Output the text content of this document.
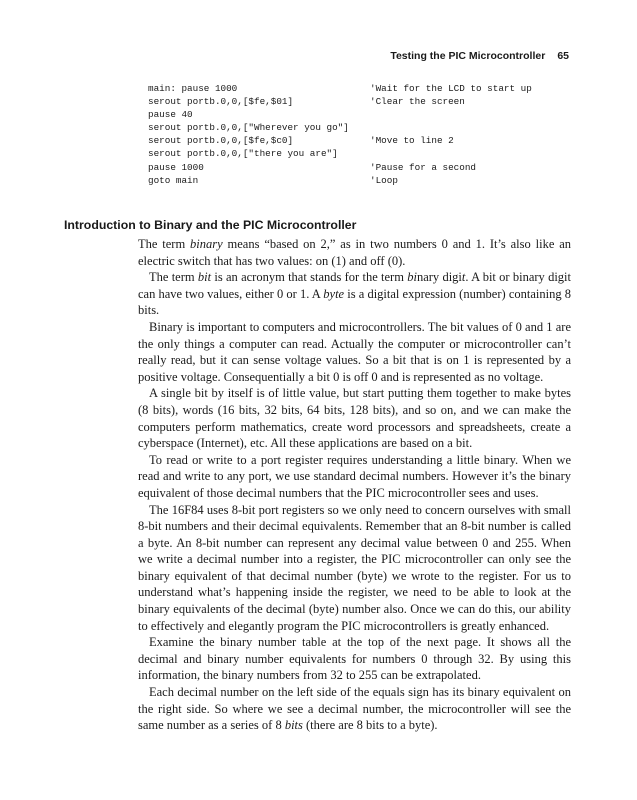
Testing the PIC Microcontroller 65
main: pause 1000	'Wait for the LCD to start up
serout portb.0,0,[$fe,$01]	'Clear the screen
pause 40
serout portb.0,0,["Wherever you go"]
serout portb.0,0,[$fe,$c0]	'Move to line 2
serout portb.0,0,["there you are"]
pause 1000	'Pause for a second
goto main	'Loop
Introduction to Binary and the PIC Microcontroller

The term binary means “based on 2,” as in two numbers 0 and 1. It’s also like an electric switch that has two values: on (1) and off (0).

The term bit is an acronym that stands for the term binary digit. A bit or binary digit can have two values, either 0 or 1. A byte is a digital expression (number) containing 8 bits.

Binary is important to computers and microcontrollers. The bit values of 0 and 1 are the only things a computer can read. Actually the computer or microcontroller can’t really read, but it can sense voltage values. So a bit that is on 1 is represented by a positive voltage. Consequentially a bit 0 is off 0 and is represented as no voltage.

A single bit by itself is of little value, but start putting them together to make bytes (8 bits), words (16 bits, 32 bits, 64 bits, 128 bits), and so on, and we can make the computers perform mathematics, create word processors and spreadsheets, create a cyberspace (Internet), etc. All these applications are based on a bit.

To read or write to a port register requires understanding a little binary. When we read and write to any port, we use standard decimal numbers. However it’s the binary equivalent of those decimal numbers that the PIC microcontroller sees and uses.

The 16F84 uses 8-bit port registers so we only need to concern ourselves with small 8-bit numbers and their decimal equivalents. Remember that an 8-bit number is called a byte. An 8-bit number can represent any decimal value between 0 and 255. When we write a decimal number into a register, the PIC microcontroller can only see the binary equivalent of that decimal number (byte) we wrote to the register. For us to understand what’s happening inside the register, we need to be able to look at the binary equivalents of the decimal (byte) number also. Once we can do this, our ability to effectively and elegantly program the PIC microcontrollers is greatly enhanced.

Examine the binary number table at the top of the next page. It shows all the decimal and binary number equivalents for numbers 0 through 32. By using this information, the binary numbers from 32 to 255 can be extrapolated.

Each decimal number on the left side of the equals sign has its binary equivalent on the right side. So where we see a decimal number, the microcontroller will see the same number as a series of 8 bits (there are 8 bits to a byte).
